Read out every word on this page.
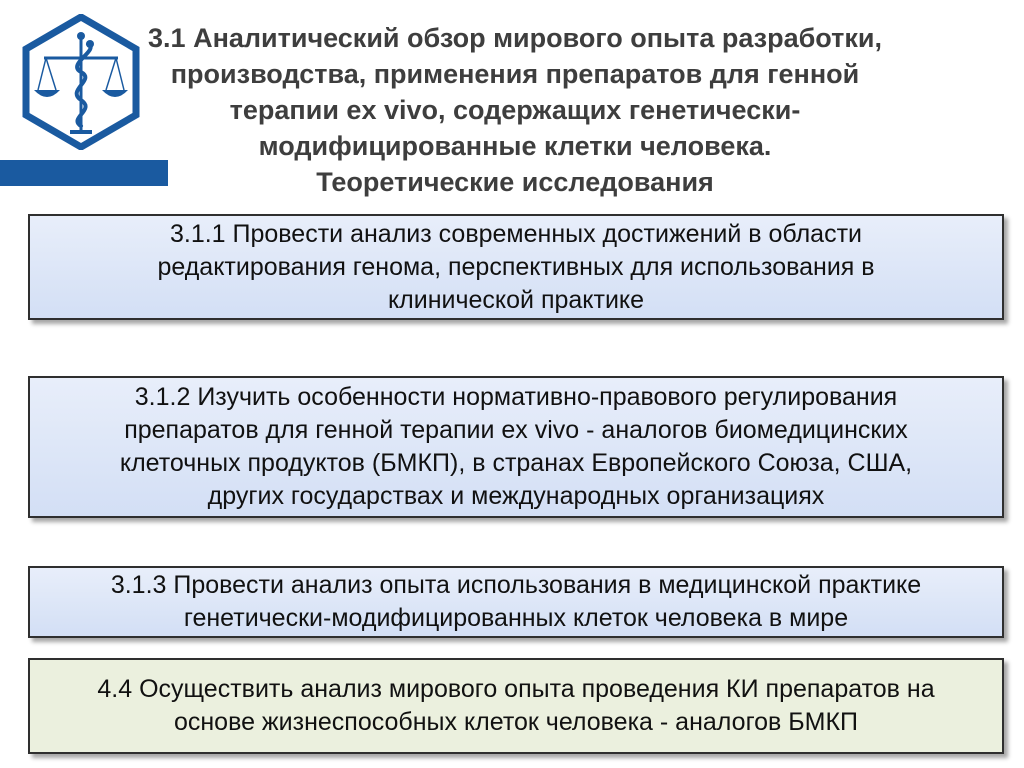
3.1 Аналитический обзор мирового опыта разработки,
производства, применения препаратов для генной
терапии ex vivo, содержащих генетически-
модифицированные клетки человека.
Теоретические исследования
3.1.1 Провести анализ современных достижений в области
редактирования генома, перспективных для использования в
клинической практике
3.1.2 Изучить особенности нормативно-правового регулирования
препаратов для генной терапии ex vivo - аналогов биомедицинских
клеточных продуктов (БМКП), в странах Европейского Союза, США,
других государствах и международных организациях
3.1.3 Провести анализ опыта использования в медицинской практике
генетически-модифицированных клеток человека в мире
4.4 Осуществить анализ мирового опыта проведения КИ препаратов на
основе жизнеспособных клеток человека - аналогов БМКП
